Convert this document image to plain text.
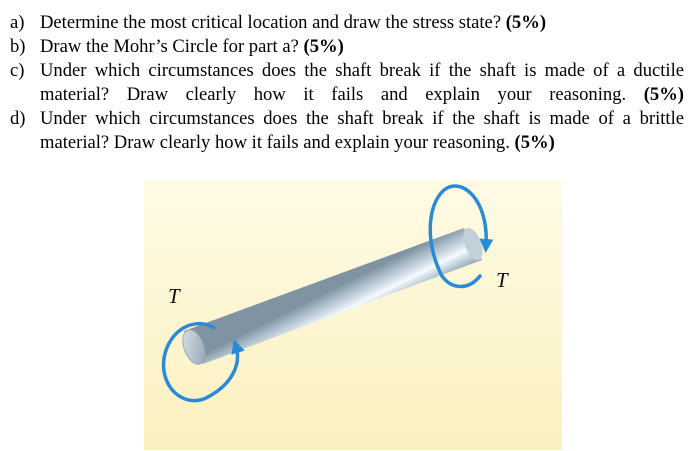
a) Determine the most critical location and draw the stress state? (5%)
b) Draw the Mohr’s Circle for part a? (5%)
c) Under which circumstances does the shaft break if the shaft is made of a ductile material? Draw clearly how it fails and explain your reasoning. (5%)
d) Under which circumstances does the shaft break if the shaft is made of a brittle material? Draw clearly how it fails and explain your reasoning. (5%)
T
T
